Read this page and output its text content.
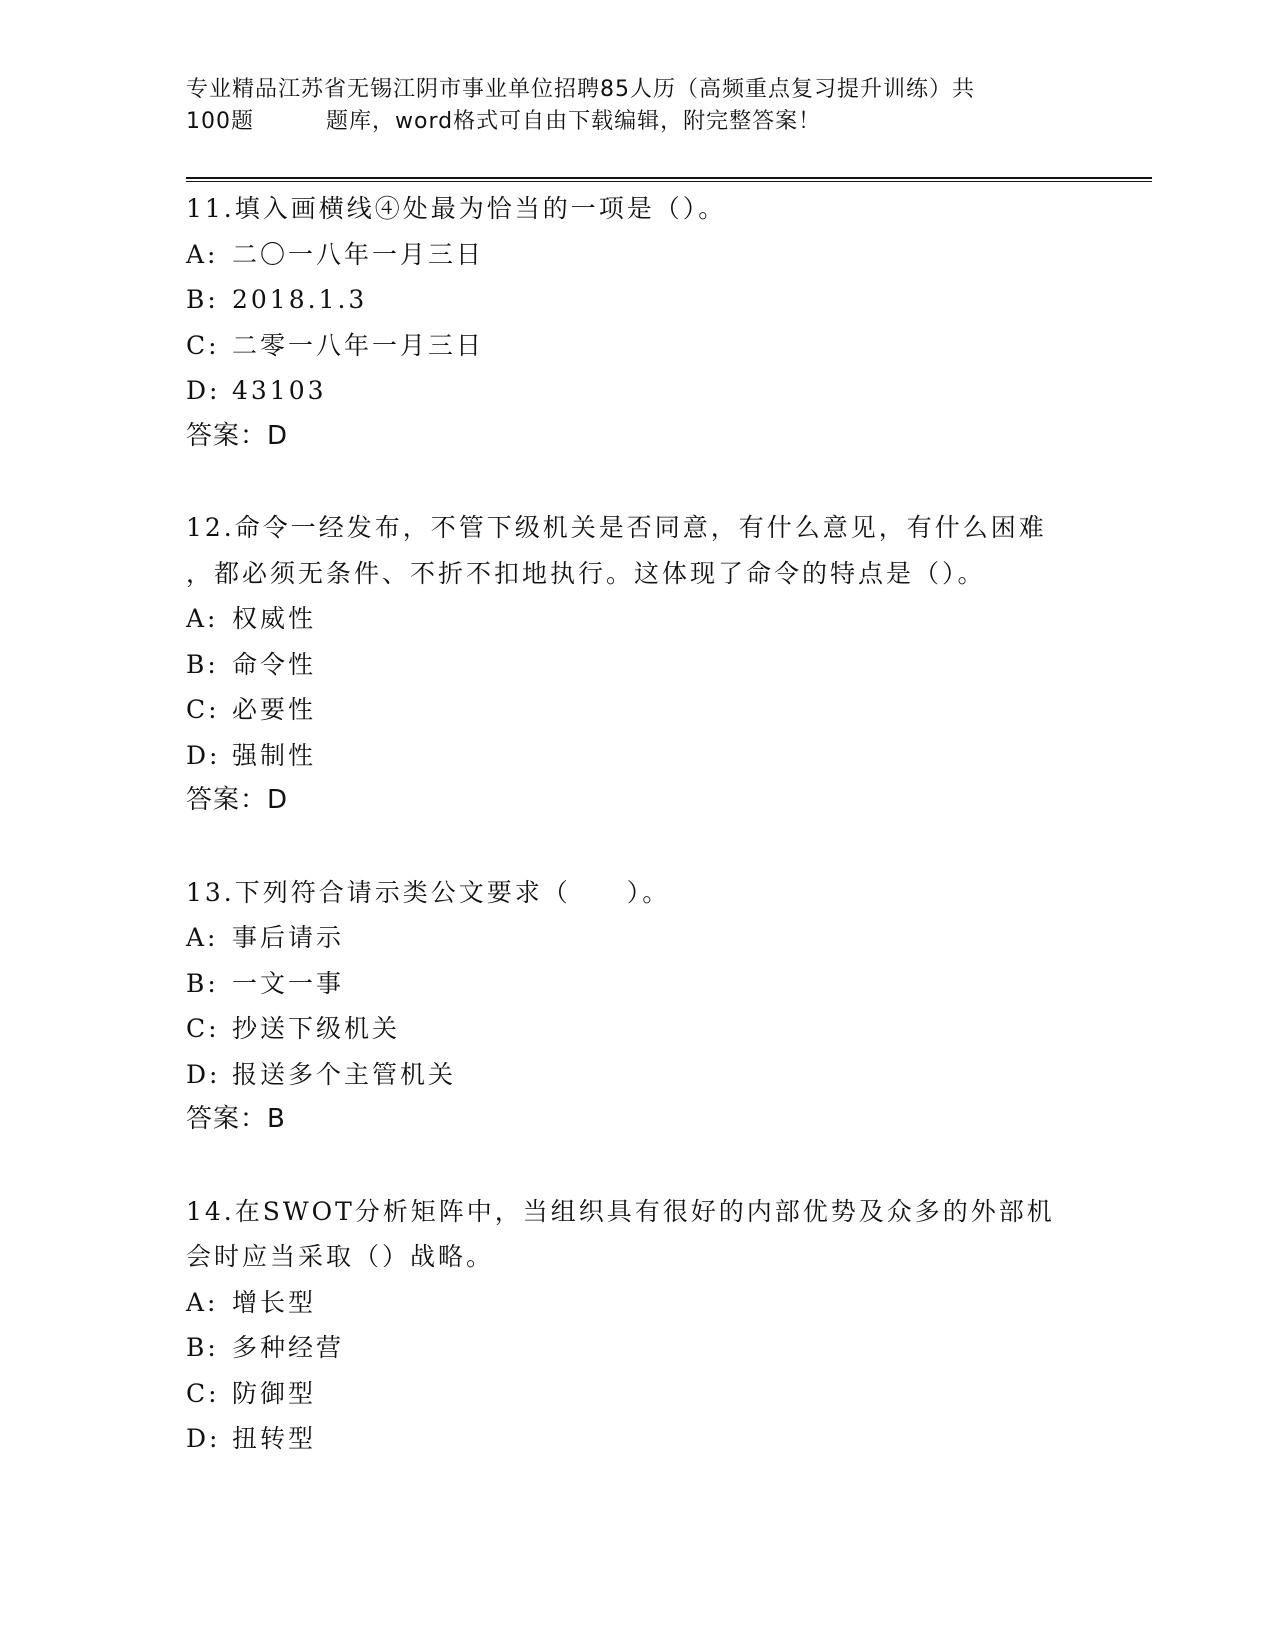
专业精品江苏省无锡江阴市事业单位招聘85人历（高频重点复习提升训练）共
100题	题库，word格式可自由下载编辑，附完整答案！
11.填入画横线④处最为恰当的一项是（）。
A: 二〇一八年一月三日
B: 2018.1.3
C: 二零一八年一月三日
D: 43103
答案：D
12.命令一经发布，不管下级机关是否同意，有什么意见，有什么困难
，都必须无条件、不折不扣地执行。这体现了命令的特点是（）。
A: 权威性
B: 命令性
C: 必要性
D: 强制性
答案：D
13.下列符合请示类公文要求（　　）。
A: 事后请示
B: 一文一事
C: 抄送下级机关
D: 报送多个主管机关
答案：B
14.在SWOT分析矩阵中，当组织具有很好的内部优势及众多的外部机
会时应当采取（）战略。
A: 增长型
B: 多种经营
C: 防御型
D: 扭转型
